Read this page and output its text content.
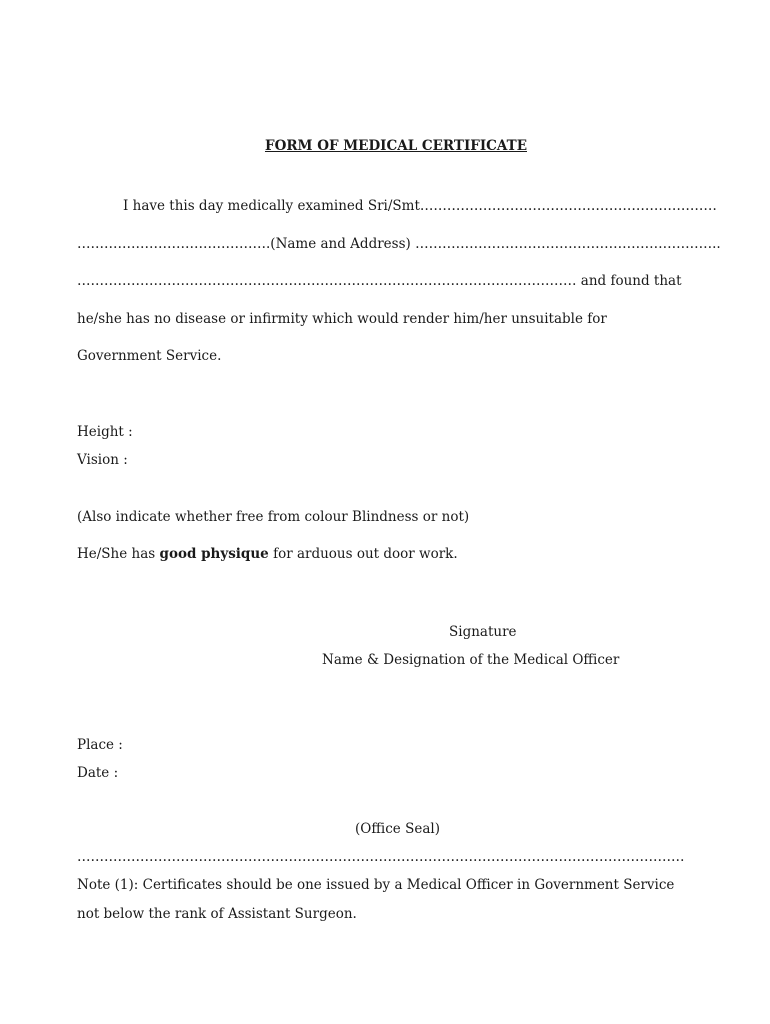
FORM OF MEDICAL CERTIFICATE
I have this day medically examined Sri/Smt…………………………………………………………
…………………………………….(Name and Address) …………………………………………………………..
………………………………………………………………………………………………… and found that
he/she has no disease or infirmity which would render him/her unsuitable for
Government Service.
Height :
Vision :
(Also indicate whether free from colour Blindness or not)
He/She has good physique for arduous out door work.
Signature
Name & Designation of the Medical Officer
Place :
Date :
(Office Seal)
………………………………………………………………………………………………………………………
Note (1): Certificates should be one issued by a Medical Officer in Government Service
not below the rank of Assistant Surgeon.
